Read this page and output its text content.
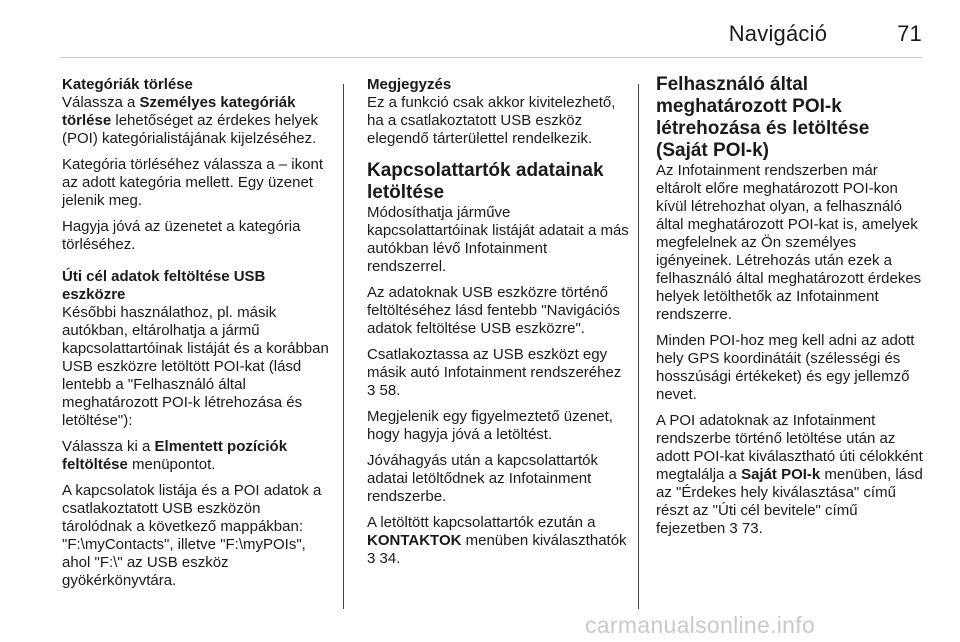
Navigáció	71
Kategóriák törlése

Válassza a Személyes kategóriák törlése lehetőséget az érdekes helyek (POI) kategórialistájának kijelzéséhez.

Kategória törléséhez válassza a – ikont az adott kategória mellett. Egy üzenet jelenik meg.

Hagyja jóvá az üzenetet a kategória törléséhez.

Úti cél adatok feltöltése USB eszközre

Későbbi használathoz, pl. másik autókban, eltárolhatja a jármű kapcsolattartóinak listáját és a korábban USB eszközre letöltött POI-kat (lásd lentebb a "Felhasználó által meghatározott POI-k létrehozása és letöltése"):

Válassza ki a Elmentett pozíciók feltöltése menüpontot.

A kapcsolatok listája és a POI adatok a csatlakoztatott USB eszközön tárolódnak a következő mappákban: "F:\myContacts", illetve "F:\myPOIs", ahol "F:\" az USB eszköz gyökérkönyvtára.

Megjegyzés

Ez a funkció csak akkor kivitelezhető, ha a csatlakoztatott USB eszköz elegendő tárterülettel rendelkezik.

Kapcsolattartók adatainak letöltése

Módosíthatja járműve kapcsolattartóinak listáját adatait a más autókban lévő Infotainment rendszerrel.

Az adatoknak USB eszközre történő feltöltéséhez lásd fentebb "Navigációs adatok feltöltése USB eszközre".

Csatlakoztassa az USB eszközt egy másik autó Infotainment rendszeréhez 3 58.

Megjelenik egy figyelmeztető üzenet, hogy hagyja jóvá a letöltést.

Jóváhagyás után a kapcsolattartók adatai letöltődnek az Infotainment rendszerbe.

A letöltött kapcsolattartók ezután a KONTAKTOK menüben kiválaszthatók 3 34.

Felhasználó által meghatározott POI-k létrehozása és letöltése (Saját POI-k)

Az Infotainment rendszerben már eltárolt előre meghatározott POI-kon kívül létrehozhat olyan, a felhasználó által meghatározott POI-kat is, amelyek megfelelnek az Ön személyes igényeinek. Létrehozás után ezek a felhasználó által meghatározott érdekes helyek letölthetők az Infotainment rendszerre.

Minden POI-hoz meg kell adni az adott hely GPS koordinátáit (szélességi és hosszúsági értékeket) és egy jellemző nevet.

A POI adatoknak az Infotainment rendszerbe történő letöltése után az adott POI-kat kiválasztható úti célokként megtalálja a Saját POI-k menüben, lásd az "Érdekes hely kiválasztása" című részt az "Úti cél bevitele" című fejezetben 3 73.

carmanualsonline.info
